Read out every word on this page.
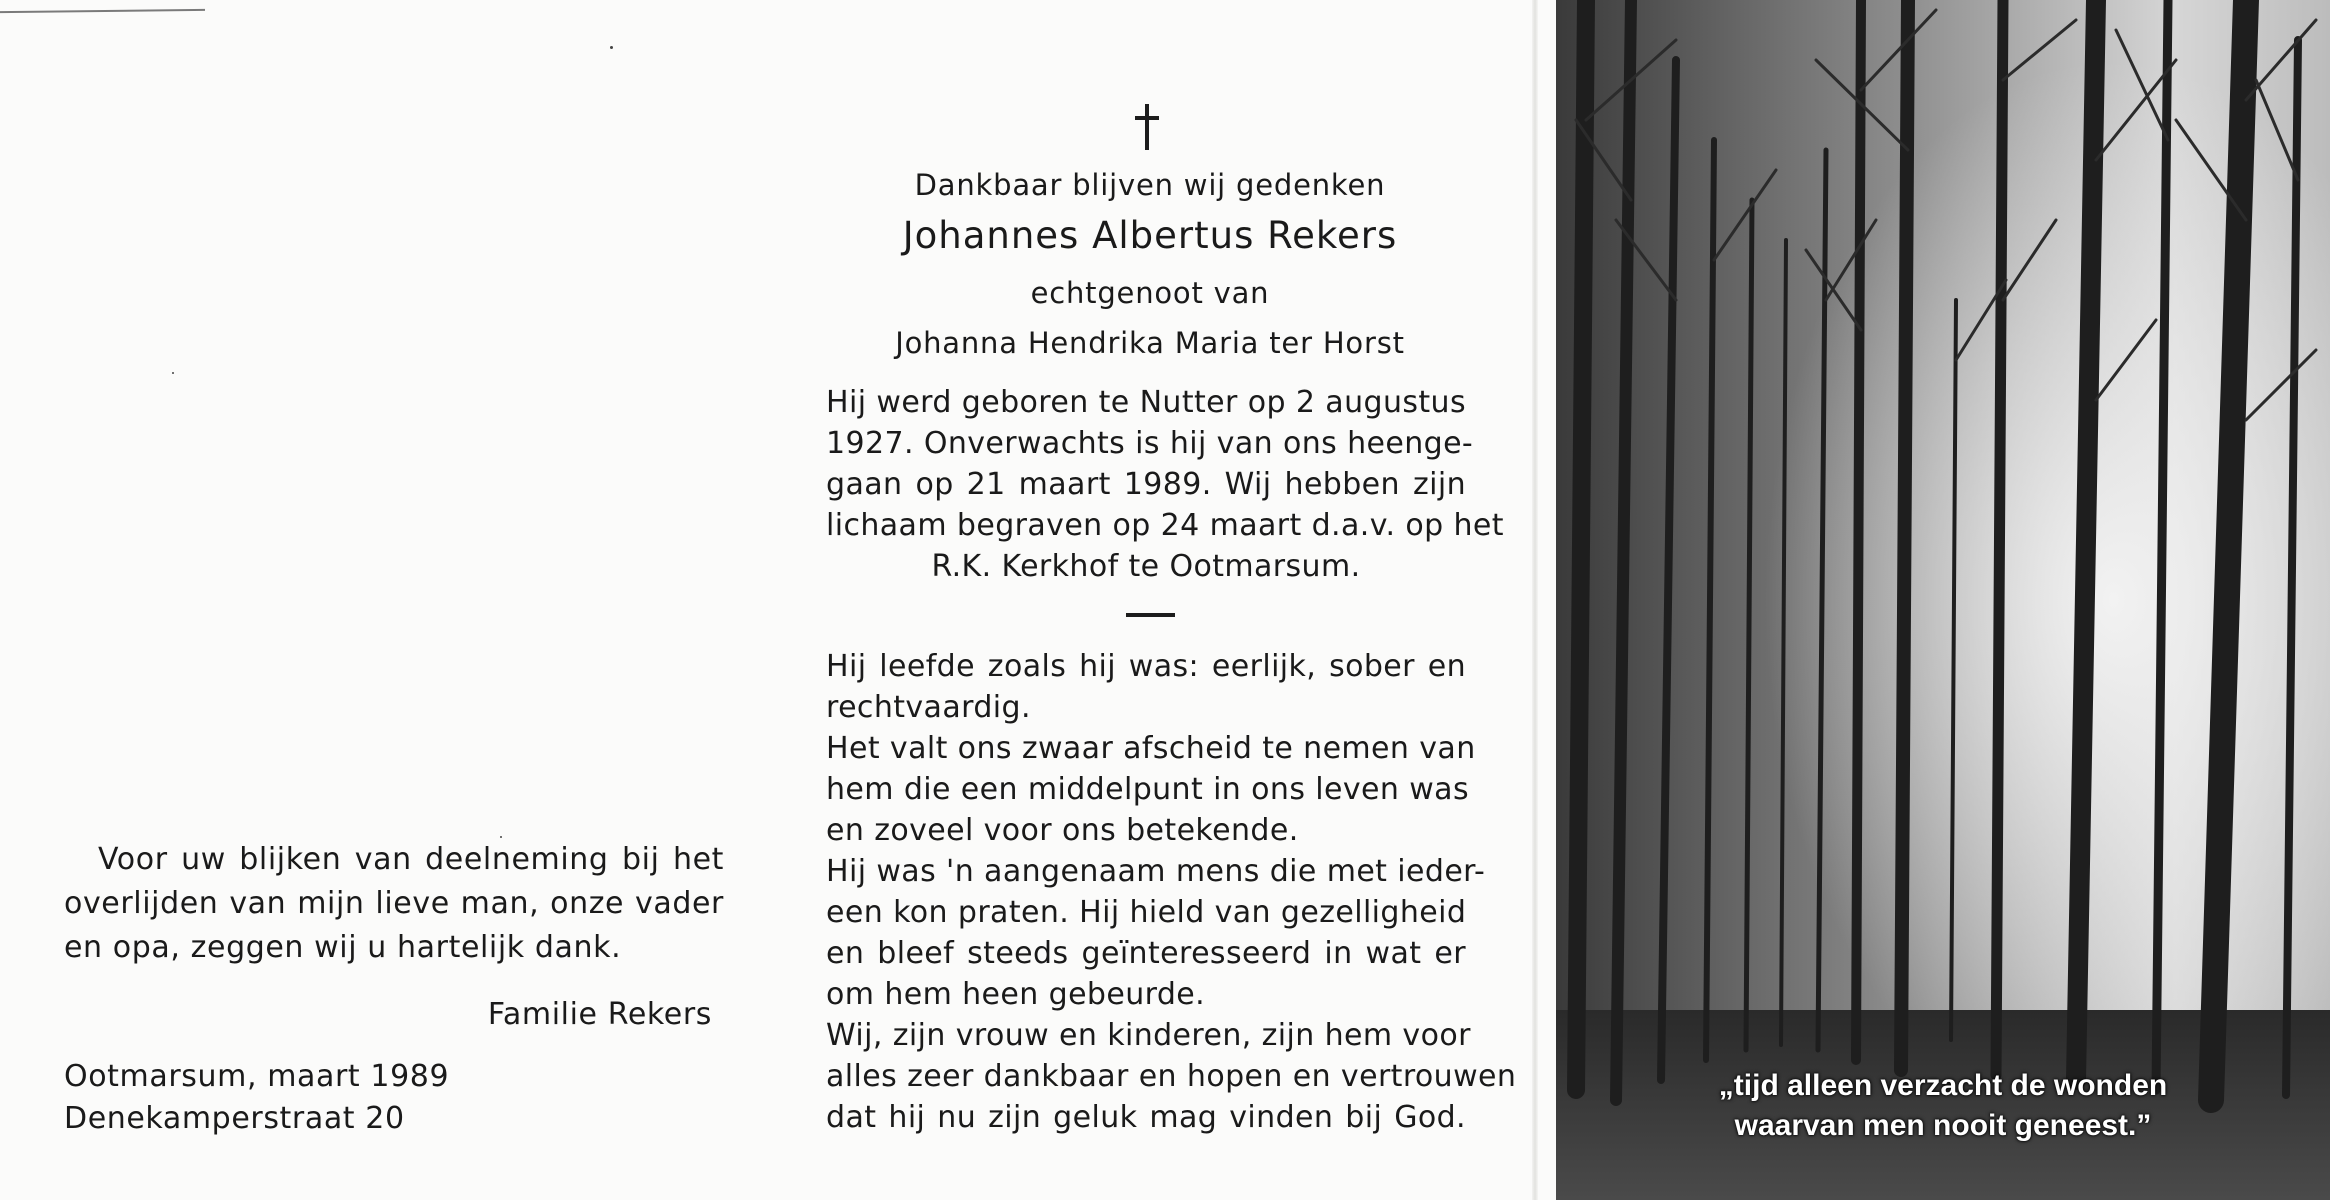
Voor uw blijken van deelneming bij het overlijden van mijn lieve man, onze vader en opa, zeggen wij u hartelijk dank.
Familie Rekers
Ootmarsum, maart 1989
Denekamperstraat 20
Dankbaar blijven wij gedenken
Johannes Albertus Rekers
echtgenoot van
Johanna Hendrika Maria ter Horst
Hij werd geboren te Nutter op 2 augustus
1927. Onverwachts is hij van ons heenge-
gaan op 21 maart 1989. Wij hebben zijn
lichaam begraven op 24 maart d.a.v. op het
R.K. Kerkhof te Ootmarsum.
Hij leefde zoals hij was: eerlijk, sober en
rechtvaardig.
Het valt ons zwaar afscheid te nemen van
hem die een middelpunt in ons leven was
en zoveel voor ons betekende.
Hij was 'n aangenaam mens die met ieder-
een kon praten. Hij hield van gezelligheid
en bleef steeds geïnteresseerd in wat er
om hem heen gebeurde.
Wij, zijn vrouw en kinderen, zijn hem voor
alles zeer dankbaar en hopen en vertrouwen
dat hij nu zijn geluk mag vinden bij God.
„tijd alleen verzacht de wonden
waarvan men nooit geneest.”
